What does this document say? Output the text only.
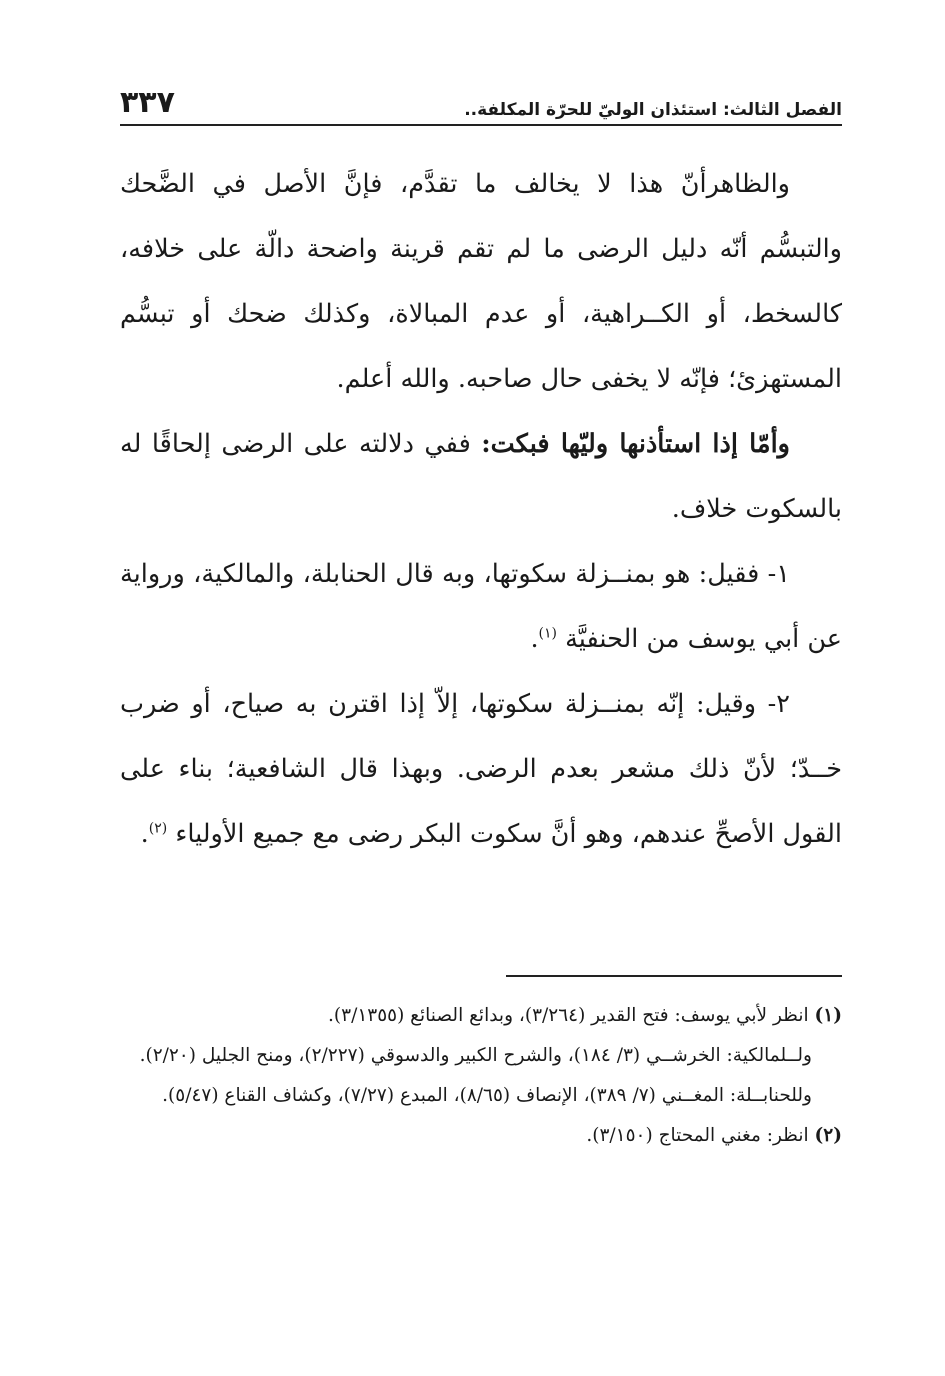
الفصل الثالث: استئذان الوليّ للحرّة المكلفة..
٣٣٧

والظاهرأنّ هذا لا يخالف ما تقدَّم، فإنَّ الأصل في الضَّحك والتبسُّم أنّه دليل الرضى ما لم تقم قرينة واضحة دالّة على خلافه، كالسخط، أو الكــراهية، أو عدم المبالاة، وكذلك ضحك أو تبسُّم المستهزئ؛ فإنّه لا يخفى حال صاحبه. والله أعلم.

وأمّا إذا استأذنها وليّها فبكت: ففي دلالته على الرضى إلحاقًا له بالسكوت خلاف.

١- فقيل: هو بمنــزلة سكوتها، وبه قال الحنابلة، والمالكية، ورواية عن أبي يوسف من الحنفيَّة $^{(١)}$.

٢- وقيل: إنّه بمنــزلة سكوتها، إلاّ إذا اقترن به صياح، أو ضرب خــدّ؛ لأنّ ذلك مشعر بعدم الرضى. وبهذا قال الشافعية؛ بناء على القول الأصحِّ عندهم، وهو أنَّ سكوت البكر رضى مع جميع الأولياء $^{(٢)}$.

(١) انظر لأبي يوسف: فتح القدير (٣/٢٦٤)، وبدائع الصنائع (٣/١٣٥٥).

ولــلمالكية: الخرشــي (٣/ ١٨٤)، والشرح الكبير والدسوقي (٢/٢٢٧)، ومنح الجليل (٢/٢٠).

وللحنابــلة: المغــني (٧/ ٣٨٩)، الإنصاف (٨/٦٥)، المبدع (٧/٢٧)، وكشاف القناع (٥/٤٧).

(٢) انظر: مغني المحتاج (٣/١٥٠).
